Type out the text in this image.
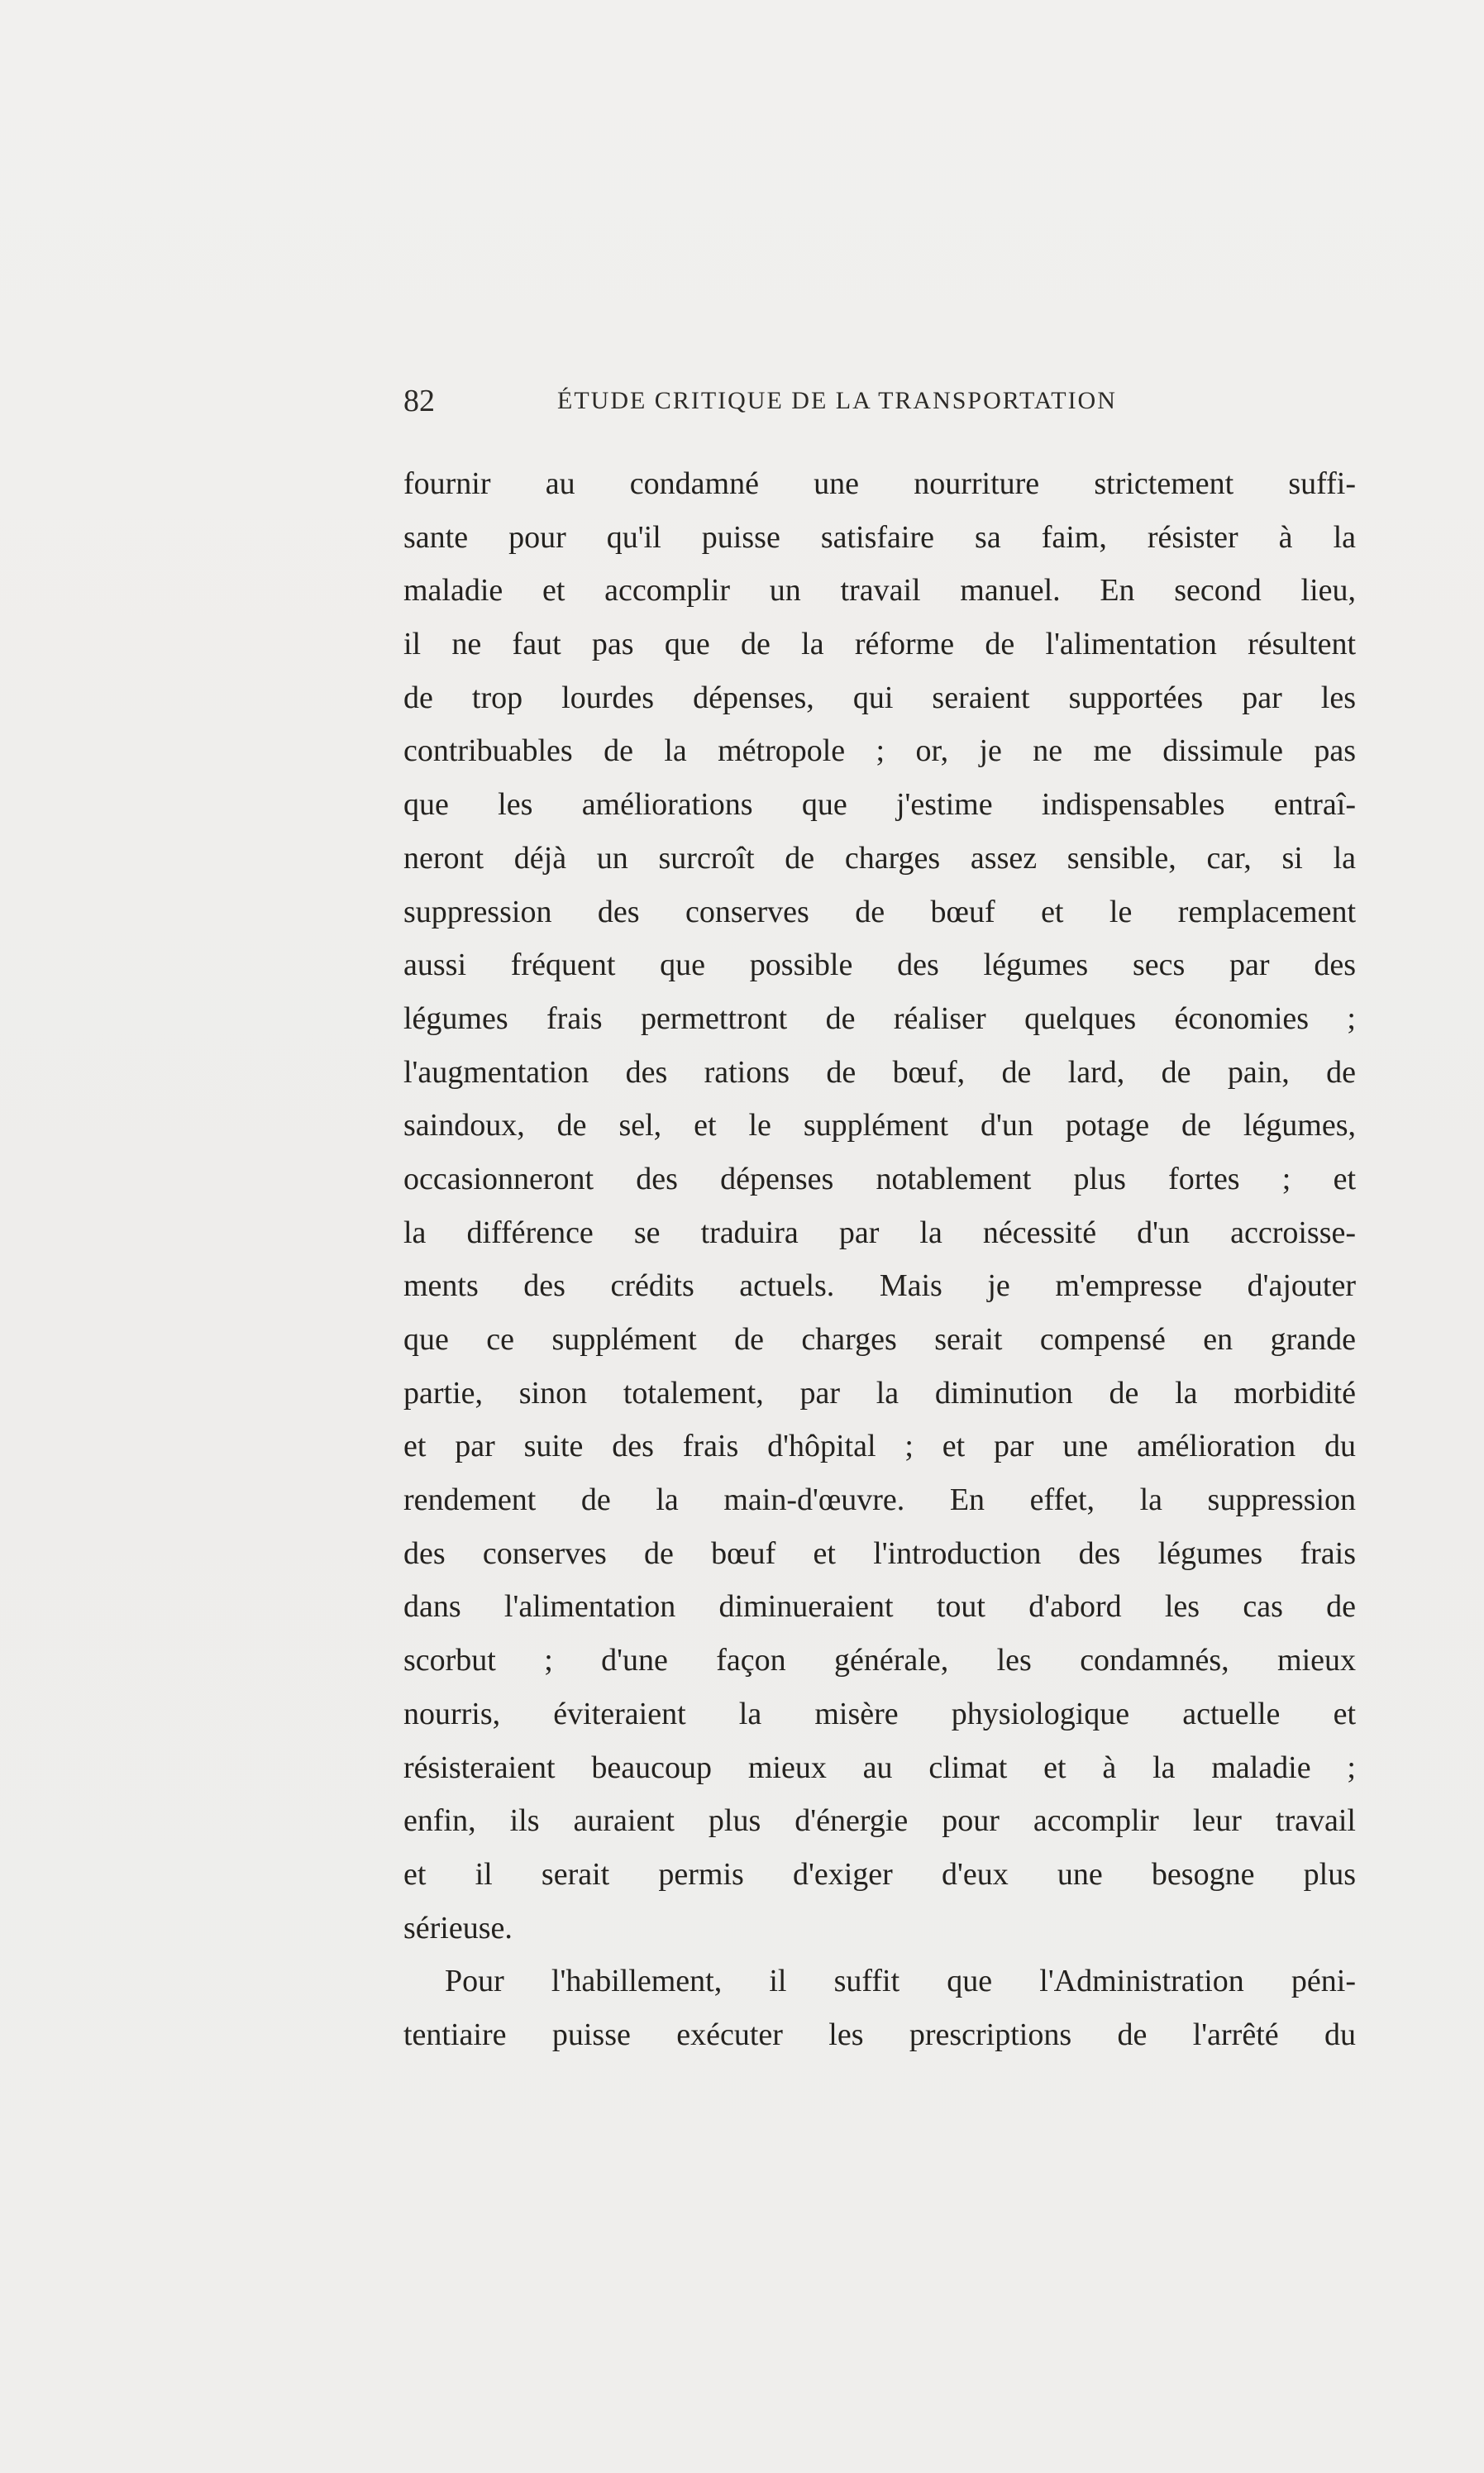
82	ÉTUDE CRITIQUE DE LA TRANSPORTATION
fournir au condamné une nourriture strictement suffi-
sante pour qu'il puisse satisfaire sa faim, résister à la
maladie et accomplir un travail manuel. En second lieu,
il ne faut pas que de la réforme de l'alimentation résultent
de trop lourdes dépenses, qui seraient supportées par les
contribuables de la métropole ; or, je ne me dissimule pas
que les améliorations que j'estime indispensables entraî-
neront déjà un surcroît de charges assez sensible, car, si la
suppression des conserves de bœuf et le remplacement
aussi fréquent que possible des légumes secs par des
légumes frais permettront de réaliser quelques économies ;
l'augmentation des rations de bœuf, de lard, de pain, de
saindoux, de sel, et le supplément d'un potage de légumes,
occasionneront des dépenses notablement plus fortes ; et
la différence se traduira par la nécessité d'un accroisse-
ments des crédits actuels. Mais je m'empresse d'ajouter
que ce supplément de charges serait compensé en grande
partie, sinon totalement, par la diminution de la morbidité
et par suite des frais d'hôpital ; et par une amélioration du
rendement de la main-d'œuvre. En effet, la suppression
des conserves de bœuf et l'introduction des légumes frais
dans l'alimentation diminueraient tout d'abord les cas de
scorbut ; d'une façon générale, les condamnés, mieux
nourris, éviteraient la misère physiologique actuelle et
résisteraient beaucoup mieux au climat et à la maladie ;
enfin, ils auraient plus d'énergie pour accomplir leur travail
et il serait permis d'exiger d'eux une besogne plus
sérieuse.
Pour l'habillement, il suffit que l'Administration péni-
tentiaire puisse exécuter les prescriptions de l'arrêté du
